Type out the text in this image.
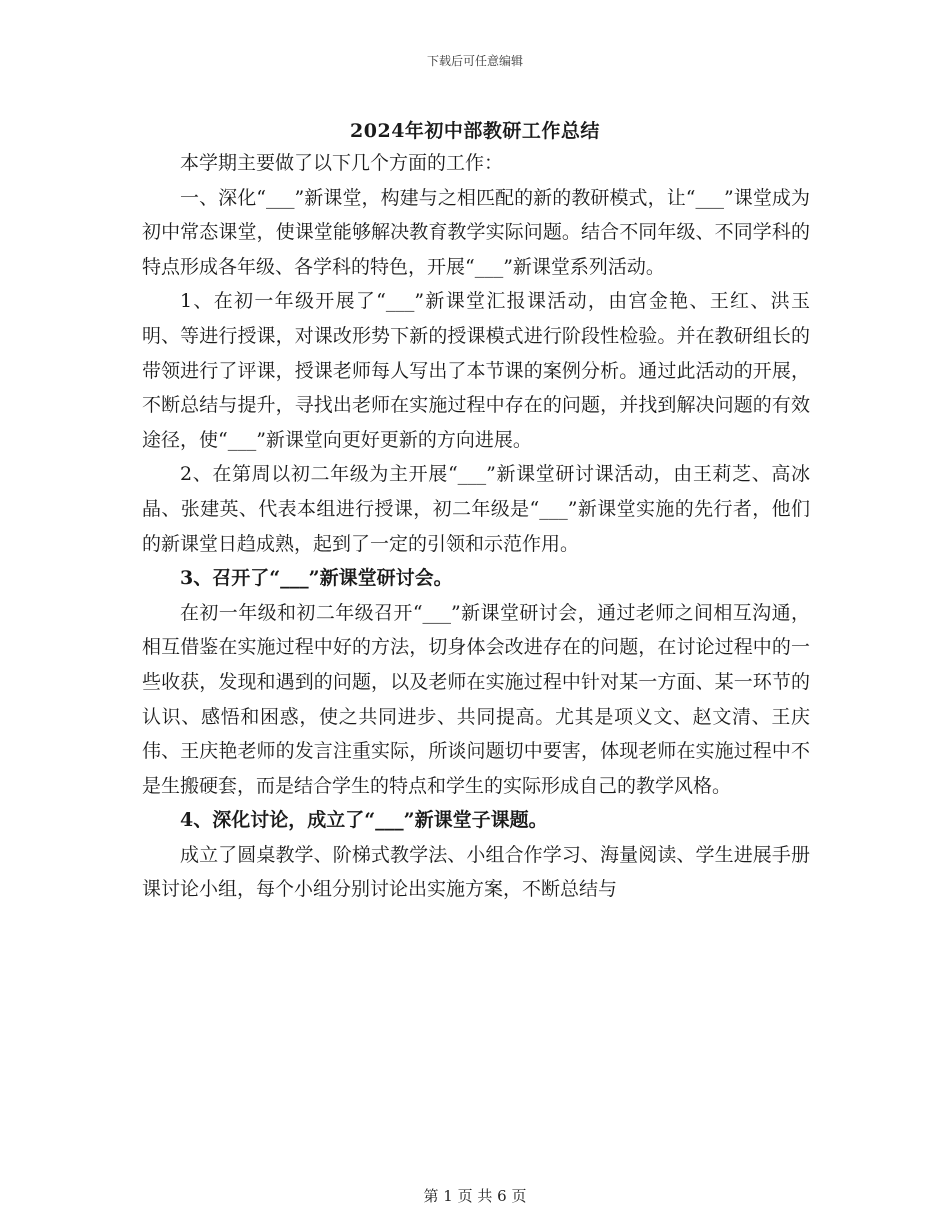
下载后可任意编辑
2024年初中部教研工作总结

本学期主要做了以下几个方面的工作：

一、深化“___”新课堂，构建与之相匹配的新的教研模式，让“___”课堂成为初中常态课堂，使课堂能够解决教育教学实际问题。结合不同年级、不同学科的特点形成各年级、各学科的特色，开展“___”新课堂系列活动。

1、在初一年级开展了“___”新课堂汇报课活动，由宫金艳、王红、洪玉明、等进行授课，对课改形势下新的授课模式进行阶段性检验。并在教研组长的带领进行了评课，授课老师每人写出了本节课的案例分析。通过此活动的开展，不断总结与提升，寻找出老师在实施过程中存在的问题，并找到解决问题的有效途径，使“___”新课堂向更好更新的方向进展。

2、在第周以初二年级为主开展“___”新课堂研讨课活动，由王莉芝、高冰晶、张建英、代表本组进行授课，初二年级是“___”新课堂实施的先行者，他们的新课堂日趋成熟，起到了一定的引领和示范作用。

3、召开了“___”新课堂研讨会。

在初一年级和初二年级召开“___”新课堂研讨会，通过老师之间相互沟通，相互借鉴在实施过程中好的方法，切身体会改进存在的问题，在讨论过程中的一些收获，发现和遇到的问题，以及老师在实施过程中针对某一方面、某一环节的认识、感悟和困惑，使之共同进步、共同提高。尤其是项义文、赵文清、王庆伟、王庆艳老师的发言注重实际，所谈问题切中要害，体现老师在实施过程中不是生搬硬套，而是结合学生的特点和学生的实际形成自己的教学风格。

4、深化讨论，成立了“___”新课堂子课题。

成立了圆桌教学、阶梯式教学法、小组合作学习、海量阅读、学生进展手册课讨论小组，每个小组分别讨论出实施方案，不断总结与

第 1 页 共 6 页
